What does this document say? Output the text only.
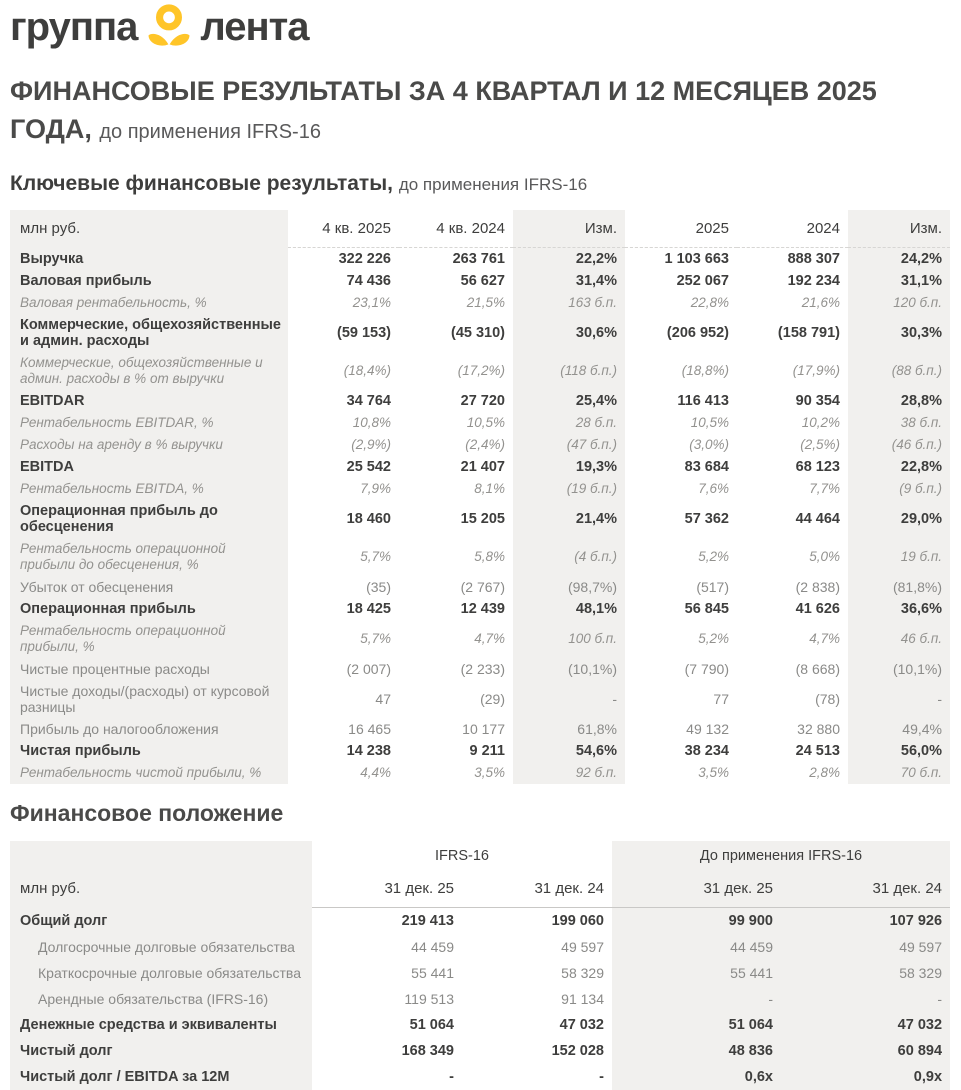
группа лента
ФИНАНСОВЫЕ РЕЗУЛЬТАТЫ ЗА 4 КВАРТАЛ И 12 МЕСЯЦЕВ 2025 ГОДА, до применения IFRS-16
Ключевые финансовые результаты, до применения IFRS-16
млн руб.	4 кв. 2025	4 кв. 2024	Изм.	2025	2024	Изм.
Выручка	322 226	263 761	22,2%	1 103 663	888 307	24,2%
Валовая прибыль	74 436	56 627	31,4%	252 067	192 234	31,1%
Валовая рентабельность, %	23,1%	21,5%	163 б.п.	22,8%	21,6%	120 б.п.
Коммерческие, общехозяйственные и админ. расходы	(59 153)	(45 310)	30,6%	(206 952)	(158 791)	30,3%
Коммерческие, общехозяйственные и админ. расходы в % от выручки	(18,4%)	(17,2%)	(118 б.п.)	(18,8%)	(17,9%)	(88 б.п.)
EBITDAR	34 764	27 720	25,4%	116 413	90 354	28,8%
Рентабельность EBITDAR, %	10,8%	10,5%	28 б.п.	10,5%	10,2%	38 б.п.
Расходы на аренду в % выручки	(2,9%)	(2,4%)	(47 б.п.)	(3,0%)	(2,5%)	(46 б.п.)
EBITDA	25 542	21 407	19,3%	83 684	68 123	22,8%
Рентабельность EBITDA, %	7,9%	8,1%	(19 б.п.)	7,6%	7,7%	(9 б.п.)
Операционная прибыль до обесценения	18 460	15 205	21,4%	57 362	44 464	29,0%
Рентабельность операционной прибыли до обесценения, %	5,7%	5,8%	(4 б.п.)	5,2%	5,0%	19 б.п.
Убыток от обесценения	(35)	(2 767)	(98,7%)	(517)	(2 838)	(81,8%)
Операционная прибыль	18 425	12 439	48,1%	56 845	41 626	36,6%
Рентабельность операционной прибыли, %	5,7%	4,7%	100 б.п.	5,2%	4,7%	46 б.п.
Чистые процентные расходы	(2 007)	(2 233)	(10,1%)	(7 790)	(8 668)	(10,1%)
Чистые доходы/(расходы) от курсовой разницы	47	(29)	-	77	(78)	-
Прибыль до налогообложения	16 465	10 177	61,8%	49 132	32 880	49,4%
Чистая прибыль	14 238	9 211	54,6%	38 234	24 513	56,0%
Рентабельность чистой прибыли, %	4,4%	3,5%	92 б.п.	3,5%	2,8%	70 б.п.
Финансовое положение
	IFRS-16		До применения IFRS-16	
млн руб.	31 дек. 25	31 дек. 24	31 дек. 25	31 дек. 24
Общий долг	219 413	199 060	99 900	107 926
Долгосрочные долговые обязательства	44 459	49 597	44 459	49 597
Краткосрочные долговые обязательства	55 441	58 329	55 441	58 329
Арендные обязательства (IFRS-16)	119 513	91 134	-	-
Денежные средства и эквиваленты	51 064	47 032	51 064	47 032
Чистый долг	168 349	152 028	48 836	60 894
Чистый долг / EBITDA за 12M	-	-	0,6x	0,9x
